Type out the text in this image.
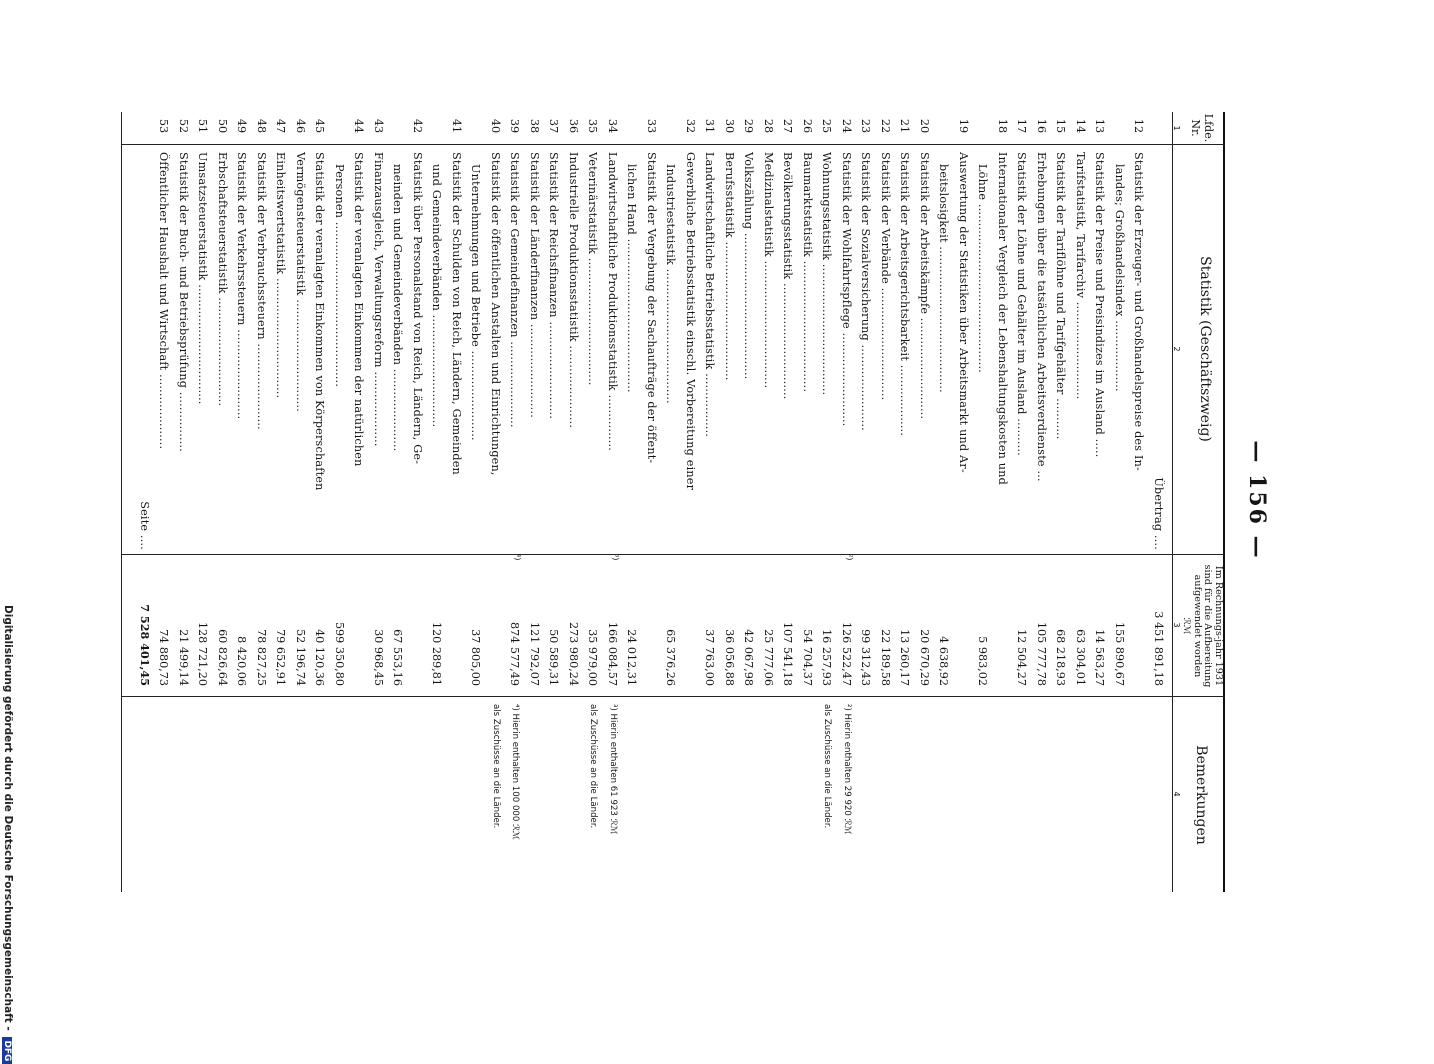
— 156 —
Lfde. Nr.
Statistik (Geschäftszweig)
Im Rechnungs-jahr 1931 sind für die Aufbereitung aufgewendet worden
ℛℳ
Bemerkungen
1
2
3
4
Übertrag ....
3 451 891,18
12
Statistik der Erzeuger- und Großhandelspreise des In-
landes; Großhandelsindex ...................
155 890,67
13
Statistik der Preise und Preisindizes im Ausland .....
14 563,27
14
Tarifstatistik, Tarifarchiv ..........................
63 304,01
15
Statistik der Tariflöhne und Tarifgehälter ...........
68 218,93
16
Erhebungen über die tatsächlichen Arbeitsverdienste ...
105 777,78
17
Statistik der Löhne und Gehälter im Ausland ..........
12 504,27
18
Internationaler Vergleich der Lebenshaltungskosten und
Löhne .............................................
5 983,02
19
Auswertung der Statistiken über Arbeitsmarkt und Ar-
beitslosigkeit .......................................
4 638,92
20
Statistik der Arbeitskämpfe ...........................
20 670,29
21
Statistik der Arbeitsgerichtsbarkeit ...................
13 260,17
22
Statistik der Verbände ..............................
22 189,58
23
Statistik der Sozialversicherung .......................
99 312,43
24
Statistik der Wohlfahrtspflege .........................
²)
126 522,47
²) Hierin enthalten 29 920 ℛℳ
25
Wohnungsstatistik ...................................
16 257,93
als Zuschüsse an die Länder.
26
Baumarktstatistik ...................................
54 704,37
27
Bevölkerungsstatistik ...............................
107 541,18
28
Medizinalstatistik ..................................
25 777,06
29
Volkszählung .......................................
42 067,98
30
Berufsstatistik .....................................
36 056,88
31
Landwirtschaftliche Betriebsstatistik .................
37 763,00
32
Gewerbliche Betriebsstatistik einschl. Vorbereitung einer
Industriestatistik ....................................
65 376,26
33
Statistik der Vergebung der Sachaufträge der öffent-
lichen Hand .........................................
24 012,31
34
Landwirtschaftliche Produktionsstatistik ...............
³)
166 084,57
³) Hierin enthalten 61 923 ℛℳ
35
Veterinärstatistik ..................................
35 979,00
als Zuschüsse an die Länder.
36
Industrielle Produktionsstatistik ......................
273 980,24
37
Statistik der Reichsfinanzen ..........................
50 589,31
38
Statistik der Länderfinanzen .........................
121 792,07
39
Statistik der Gemeindefinanzen .......................
⁴)
874 577,49
⁴) Hierin enthalten 100 000 ℛℳ
40
Statistik der öffentlichen Anstalten und Einrichtungen,
als Zuschüsse an die Länder.
Unternehmungen und Betriebe ........................
37 805,00
41
Statistik der Schulden von Reich, Ländern, Gemeinden
und Gemeindeverbänden ..............................
120 289,81
42
Statistik über Personalstand von Reich, Ländern, Ge-
meinden und Gemeindeverbänden ......................
67 553,16
43
Finanzausgleich, Verwaltungsreform ....................
30 968,45
44
Statistik der veranlagten Einkommen der natürlichen
Personen ............................................
599 350,80
45
Statistik der veranlagten Einkommen von Körperschaften
40 120,36
46
Vermögensteuerstatistik ..............................
52 196,74
47
Einheitswertstatistik ................................
79 652,91
48
Statistik der Verbrauchssteuern .......................
78 827,25
49
Statistik der Verkehrssteuern ........................
8 420,06
50
Erbschaftsteuerstatistik .............................
60 826,64
51
Umsatzsteuerstatistik ................................
128 721,20
52
Statistik der Buch- und Betriebsprüfung ................
21 499,14
53
Öffentlicher Haushalt und Wirtschaft ....................
74 880,73
Seite ....
7 528 401,45
Digitalisierung gefördert durch die Deutsche Forschungsgemeinschaft - DFG
